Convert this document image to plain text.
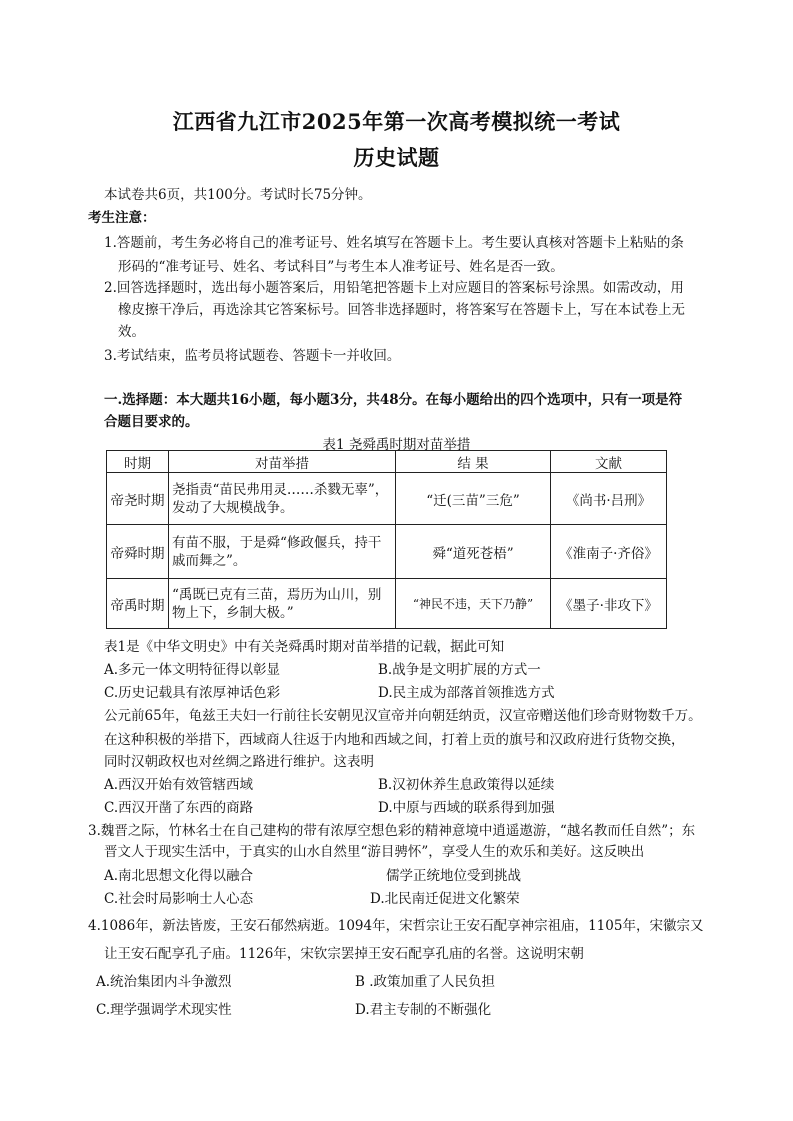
江西省九江市2025年第一次高考模拟统一考试
历史试题
本试卷共6页，共100分。考试时长75分钟。
考生注意：
1.答题前，考生务必将自己的准考证号、姓名填写在答题卡上。考生要认真核对答题卡上粘贴的条
形码的“准考证号、姓名、考试科目”与考生本人准考证号、姓名是否一致。
2.回答选择题时，选出每小题答案后，用铅笔把答题卡上对应题目的答案标号涂黑。如需改动，用
橡皮擦干净后，再选涂其它答案标号。回答非选择题时，将答案写在答题卡上，写在本试卷上无
效。
3.考试结束，监考员将试题卷、答题卡一并收回。
一.选择题：本大题共16小题，每小题3分，共48分。在每小题给出的四个选项中，只有一项是符
合题目要求的。
表1 尧舜禹时期对苗举措
时期	对苗举措	结 果	文献
帝尧时期	尧指责“苗民弗用灵……杀戮无辜”，发动了大规模战争。	“迁(三苗”三危”	《尚书·吕刑》
帝舜时期	有苗不服，于是舜“修政偃兵，持干戚而舞之”。	舜“道死苍梧”	《淮南子·齐俗》
帝禹时期	“禹既已克有三苗，焉历为山川，别物上下，乡制大极。”	“神民不违，天下乃静”	《墨子·非攻下》
表1是《中华文明史》中有关尧舜禹时期对苗举措的记载，据此可知
A.多元一体文明特征得以彰显	B.战争是文明扩展的方式一
C.历史记载具有浓厚神话色彩	D.民主成为部落首领推选方式
公元前65年，龟兹王夫妇一行前往长安朝见汉宣帝并向朝廷纳贡，汉宣帝赠送他们珍奇财物数千万。
在这种积极的举措下，西域商人往返于内地和西域之间，打着上贡的旗号和汉政府进行货物交换，
同时汉朝政权也对丝绸之路进行维护。这表明
A.西汉开始有效管辖西域	B.汉初休养生息政策得以延续
C.西汉开凿了东西的商路	D.中原与西域的联系得到加强
3.魏晋之际，竹林名士在自己建构的带有浓厚空想色彩的精神意境中逍遥遨游，“越名教而任自然”；东
晋文人于现实生活中，于真实的山水自然里“游目骋怀”，享受人生的欢乐和美好。这反映出
A.南北思想文化得以融合	儒学正统地位受到挑战
C.社会时局影响士人心态	D.北民南迁促进文化繁荣
4.1086年，新法皆废，王安石郁然病逝。1094年，宋哲宗让王安石配享神宗祖庙，1105年，宋徽宗又
让王安石配享孔子庙。1126年，宋钦宗罢掉王安石配享孔庙的名誉。这说明宋朝
A.统治集团内斗争激烈	B .政策加重了人民负担
C.理学强调学术现实性	D.君主专制的不断强化
